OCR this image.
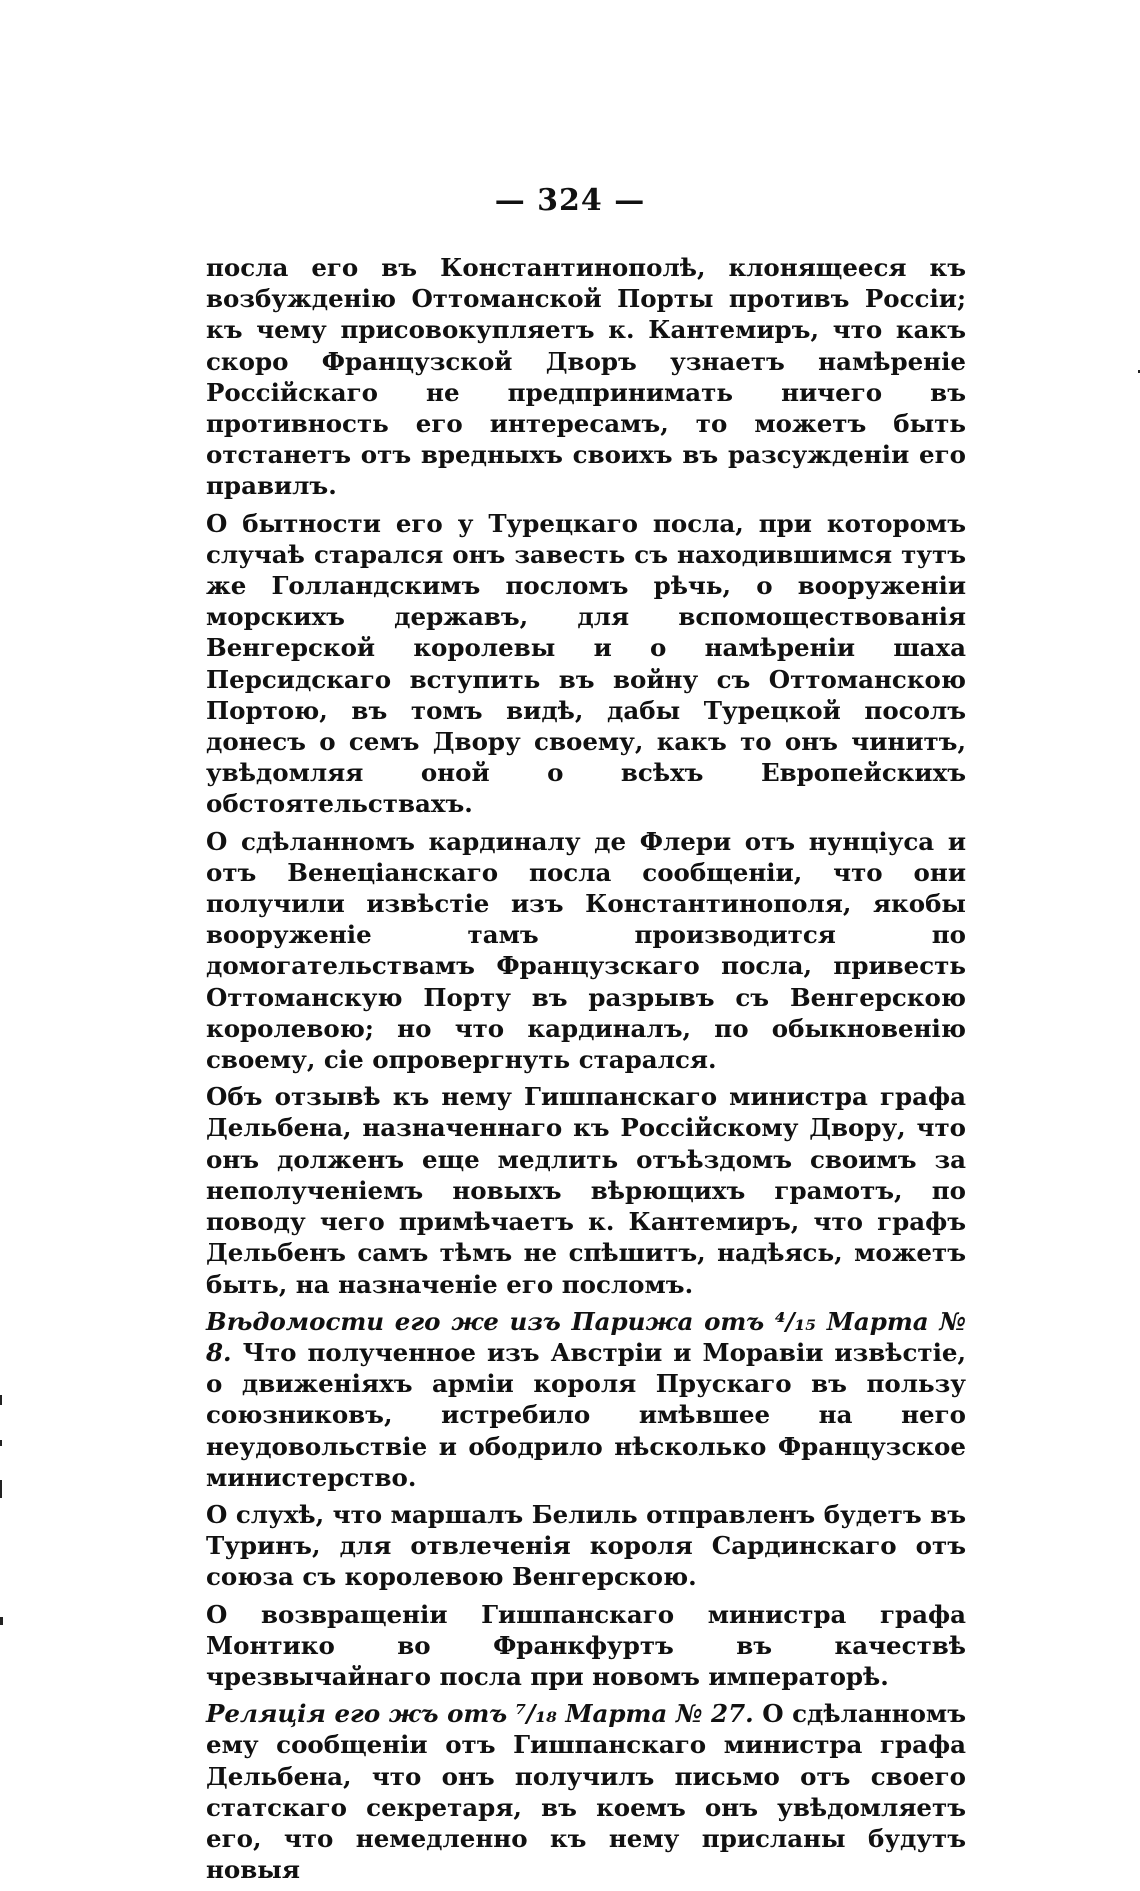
— 324 —

посла его въ Константинополѣ, клонящееся къ возбужденію Оттоманской Порты противъ Россіи; къ чему присовокупляетъ к. Кантемиръ, что какъ скоро Французской Дворъ узнаетъ намѣреніе Россійскаго не предпринимать ничего въ противность его интересамъ, то можетъ быть отстанетъ отъ вредныхъ своихъ въ разсужденіи его правилъ.

О бытности его у Турецкаго посла, при которомъ случаѣ старался онъ завесть съ находившимся тутъ же Голландскимъ посломъ рѣчь, о вооруженіи морскихъ державъ, для вспомоществованія Венгерской королевы и о намѣреніи шаха Персидскаго вступить въ войну съ Оттоманскою Портою, въ томъ видѣ, дабы Турецкой посолъ донесъ о семъ Двору своему, какъ то онъ чинитъ, увѣдомляя оной о всѣхъ Европейскихъ обстоятельствахъ.

О сдѣланномъ кардиналу де Флери отъ нунціуса и отъ Венеціанскаго посла сообщеніи, что они получили извѣстіе изъ Константинополя, якобы вооруженіе тамъ производится по домогательствамъ Французскаго посла, привесть Оттоманскую Порту въ разрывъ съ Венгерскою королевою; но что кардиналъ, по обыкновенію своему, сіе опровергнуть старался.

Объ отзывѣ къ нему Гишпанскаго министра графа Дельбена, назначеннаго къ Россійскому Двору, что онъ долженъ еще медлить отъѣздомъ своимъ за неполученіемъ новыхъ вѣрющихъ грамотъ, по поводу чего примѣчаетъ к. Кантемиръ, что графъ Дельбенъ самъ тѣмъ не спѣшитъ, надѣясь, можетъ быть, на назначеніе его посломъ.

Вѣдомости его же изъ Парижа отъ ⁴/₁₅ Марта № 8. Что полученное изъ Австріи и Моравіи извѣстіе, о движеніяхъ арміи короля Прускаго въ пользу союзниковъ, истребило имѣвшее на него неудовольствіе и ободрило нѣсколько Французское министерство.

О слухѣ, что маршалъ Белиль отправленъ будетъ въ Туринъ, для отвлеченія короля Сардинскаго отъ союза съ королевою Венгерскою.

О возвращеніи Гишпанскаго министра графа Монтико во Франкфуртъ въ качествѣ чрезвычайнаго посла при новомъ императорѣ.

Реляція его жъ отъ ⁷/₁₈ Марта № 27. О сдѣланномъ ему сообщеніи отъ Гишпанскаго министра графа Дельбена, что онъ получилъ письмо отъ своего статскаго секретаря, въ коемъ онъ увѣдомляетъ его, что немедленно къ нему присланы будутъ новыя
